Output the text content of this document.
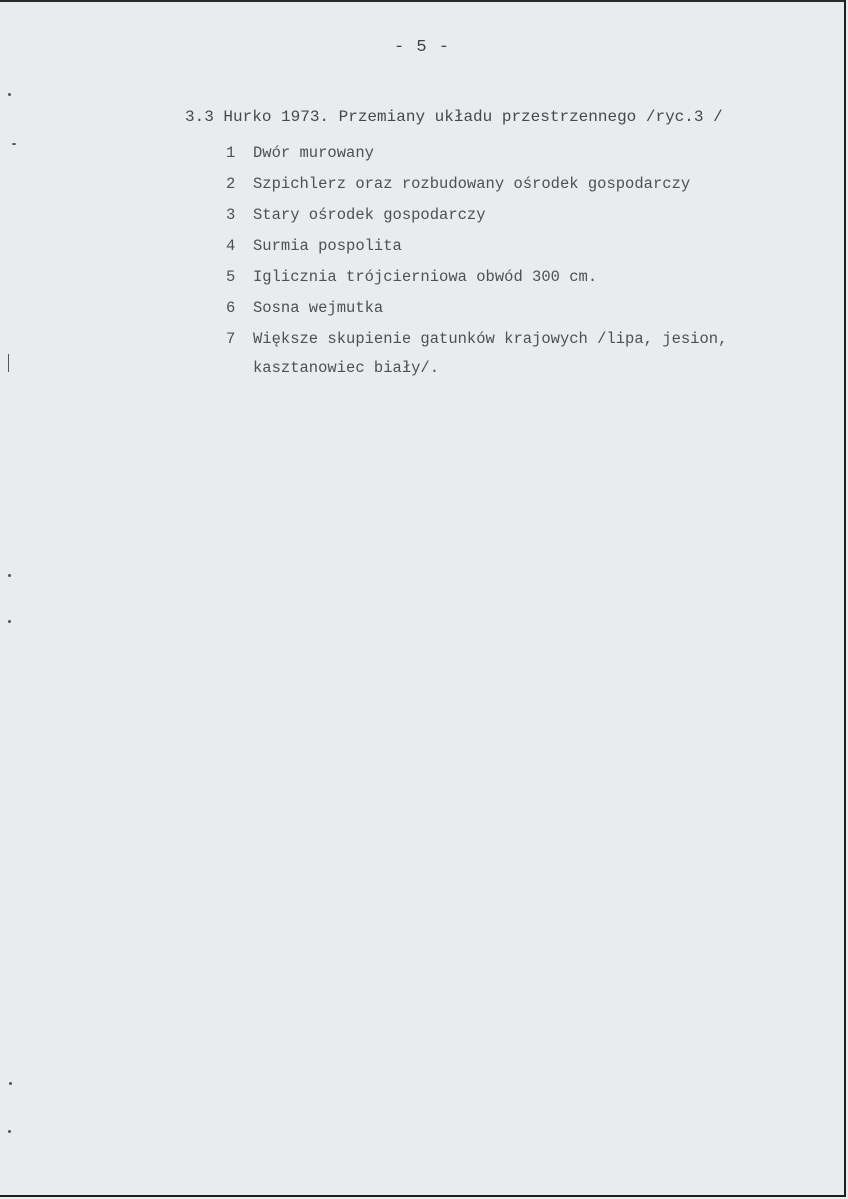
- 5 -
3.3 Hurko 1973. Przemiany układu przestrzennego /ryc.3 /
1 Dwór murowany
2 Szpichlerz oraz rozbudowany ośrodek gospodarczy
3 Stary ośrodek gospodarczy
4 Surmia pospolita
5 Iglicznia trójcierniowa obwód 300 cm.
6 Sosna wejmutka
7 Większe skupienie gatunków krajowych /lipa, jesion,
kasztanowiec biały/.
